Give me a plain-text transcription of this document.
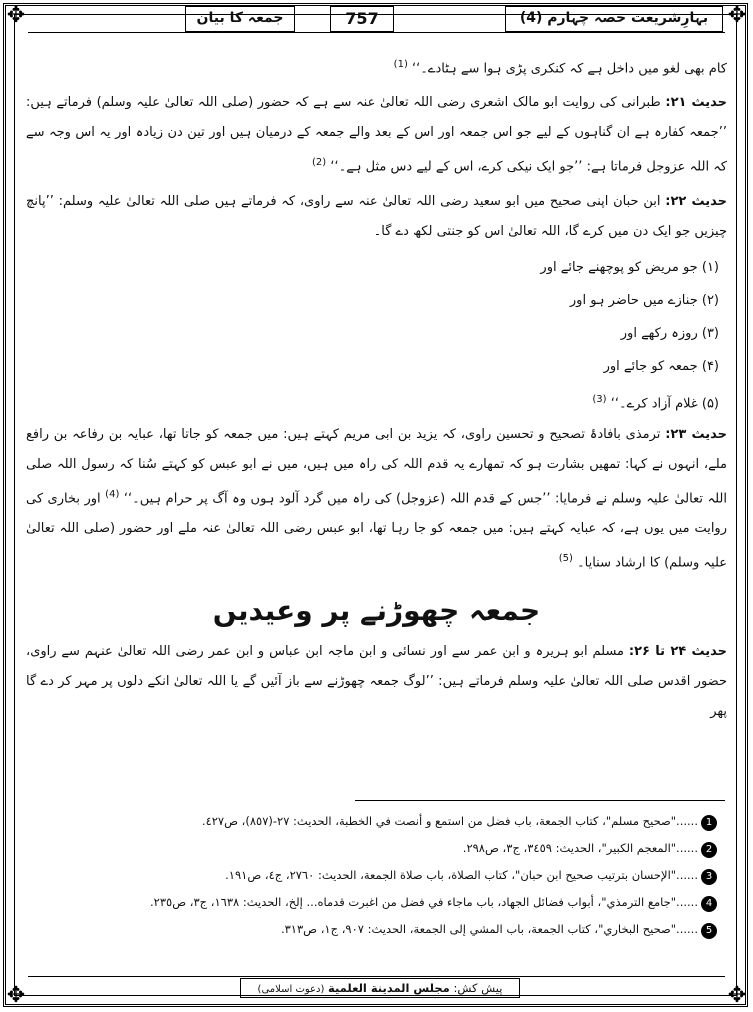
✥	✥
✥	✥
جمعہ کا بیان	757	بہارِشریعت حصہ چہارم (4)

کام بھی لغو میں داخل ہے کہ کنکری پڑی ہوا سے ہٹادے۔‘‘ $^{(1)}$

حدیث ۲۱: طبرانی کی روایت ابو مالک اشعری رضی اللہ تعالیٰ عنہ سے ہے کہ حضور (صلی اللہ تعالیٰ علیہ وسلم) فرماتے ہیں: ’’جمعہ کفارہ ہے ان گناہوں کے لیے جو اس جمعہ اور اس کے بعد والے جمعہ کے درمیان ہیں اور تین دن زیادہ اور یہ اس وجہ سے کہ اللہ عزوجل فرماتا ہے: ’’جو ایک نیکی کرے، اس کے لیے دس مثل ہے۔‘‘ $^{(2)}$

حدیث ۲۲: ابن حبان اپنی صحیح میں ابو سعید رضی اللہ تعالیٰ عنہ سے راوی، کہ فرماتے ہیں صلی اللہ تعالیٰ علیہ وسلم: ’’پانچ چیزیں جو ایک دن میں کرے گا، اللہ تعالیٰ اس کو جنتی لکھ دے گا۔

(۱) جو مریض کو پوچھنے جائے اور
(۲) جنازے میں حاضر ہو اور
(۳) روزہ رکھے اور
(۴) جمعہ کو جائے اور
(۵) غلام آزاد کرے۔‘‘ $^{(3)}$

حدیث ۲۳: ترمذی بافادۂ تصحیح و تحسین راوی، کہ یزید بن ابی مریم کہتے ہیں: میں جمعہ کو جاتا تھا، عبایہ بن رفاعہ بن رافع ملے، انہوں نے کہا: تمھیں بشارت ہو کہ تمھارے یہ قدم اللہ کی راہ میں ہیں، میں نے ابو عبس کو کہتے سُنا کہ رسول اللہ صلی اللہ تعالیٰ علیہ وسلم نے فرمایا: ’’جس کے قدم اللہ (عزوجل) کی راہ میں گرد آلود ہوں وہ آگ پر حرام ہیں۔‘‘ $^{(4)}$ اور بخاری کی روایت میں یوں ہے، کہ عبایہ کہتے ہیں: میں جمعہ کو جا رہا تھا، ابو عبس رضی اللہ تعالیٰ عنہ ملے اور حضور (صلی اللہ تعالیٰ علیہ وسلم) کا ارشاد سنایا۔ $^{(5)}$

جمعہ چھوڑنے پر وعیدیں

حدیث ۲۴ تا ۲۶: مسلم ابو ہریرہ و ابن عمر سے اور نسائی و ابن ماجہ ابن عباس و ابن عمر رضی اللہ تعالیٰ عنہم سے راوی، حضور اقدس صلی اللہ تعالیٰ علیہ وسلم فرماتے ہیں: ’’لوگ جمعہ چھوڑنے سے باز آئیں گے یا اللہ تعالیٰ انکے دلوں پر مہر کر دے گا پھر

1......"صحيح مسلم"، كتاب الجمعة، باب فضل من استمع و أنصت في الخطبة، الحديث: ٢٧-(٨٥٧)، ص٤٢٧.
2......"المعجم الكبير"، الحديث: ٣٤٥٩، ج٣، ص٢٩٨.
3......"الإحسان بترتيب صحيح ابن حبان"، كتاب الصلاة، باب صلاة الجمعة، الحديث: ٢٧٦٠، ج٤، ص١٩١.
4......"جامع الترمذي"، أبواب فضائل الجهاد، باب ماجاء في فضل من اغبرت قدماه... إلخ، الحديث: ١٦٣٨، ج٣، ص٢٣٥.
5......"صحيح البخاري"، كتاب الجمعة، باب المشي إلى الجمعة، الحديث: ٩٠٧، ج١، ص٣١٣.
پیش کش: مجلس المدينة العلمية (دعوت اسلامی)
